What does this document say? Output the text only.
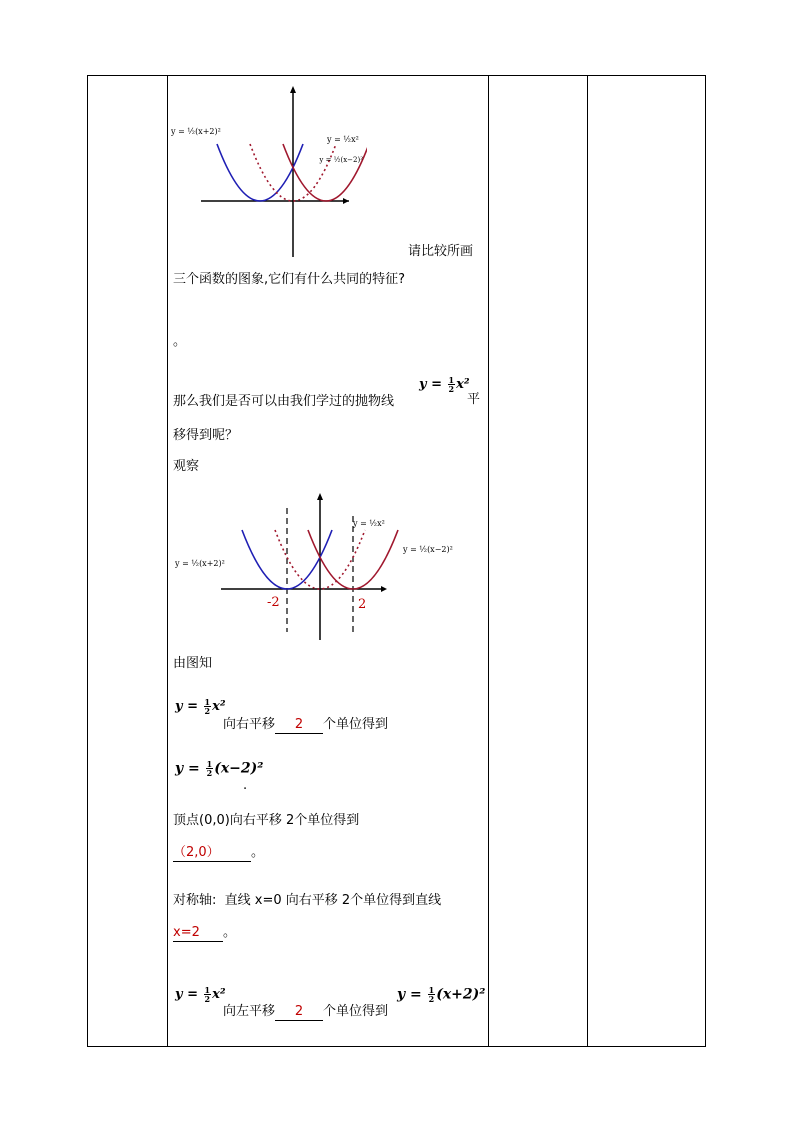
y = ½(x+2)²
y = ½x²
y = ½(x−2)²
请比较所画
三个函数的图象,它们有什么共同的特征?
。
那么我们是否可以由我们学过的抛物线
$y = \frac{1}{2} x^2$
平
移得到呢？
观察
y = ½(x+2)²
y = ½x²
y = ½(x−2)²
-2	2
由图知
$y = \frac{1}{2} x^2$
向右平移 2 个单位得到
$y = \frac{1}{2} (x-2)^2$
.
顶点(0,0)向右平移 2个单位得到
（2,0） 。
对称轴: 直线 x=0 向右平移 2个单位得到直线
x=2 。
$y = \frac{1}{2} x^2$
向左平移 2 个单位得到
$y = \frac{1}{2} (x+2)^2$
